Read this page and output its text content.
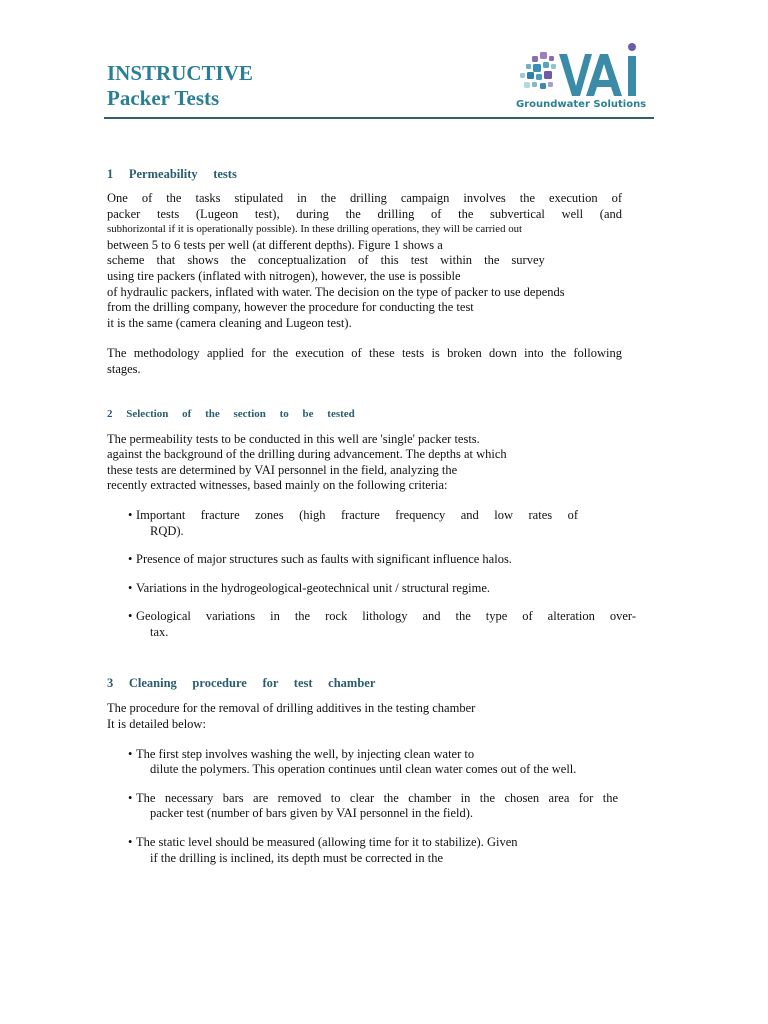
INSTRUCTIVE
Packer Tests	Groundwater Solutions
1     Permeability     tests
One of the tasks stipulated in the drilling campaign involves the execution of
packer tests (Lugeon test), during the drilling of the subvertical well (and
subhorizontal if it is operationally possible). In these drilling operations, they will be carried out
between 5 to 6 tests per well (at different depths). Figure 1 shows a
scheme that shows the conceptualization of this test within the survey
using tire packers (inflated with nitrogen), however, the use is possible
of hydraulic packers, inflated with water. The decision on the type of packer to use depends
from the drilling company, however the procedure for conducting the test
it is the same (camera cleaning and Lugeon test).
The methodology applied for the execution of these tests is broken down into the following
stages.
2     Selection     of     the     section     to     be     tested
The permeability tests to be conducted in this well are 'single' packer tests.
against the background of the drilling during advancement. The depths at which
these tests are determined by VAI personnel in the field, analyzing the
recently extracted witnesses, based mainly on the following criteria:
• Important fracture zones (high fracture frequency and low rates of
RQD).
• Presence of major structures such as faults with significant influence halos.
• Variations in the hydrogeological-geotechnical unit / structural regime.
• Geological variations in the rock lithology and the type of alteration over-
tax.
3     Cleaning     procedure     for     test     chamber
The procedure for the removal of drilling additives in the testing chamber
It is detailed below:
• The first step involves washing the well, by injecting clean water to
dilute the polymers. This operation continues until clean water comes out of the well.
• The necessary bars are removed to clear the chamber in the chosen area for the
packer test (number of bars given by VAI personnel in the field).
• The static level should be measured (allowing time for it to stabilize). Given
if the drilling is inclined, its depth must be corrected in the
